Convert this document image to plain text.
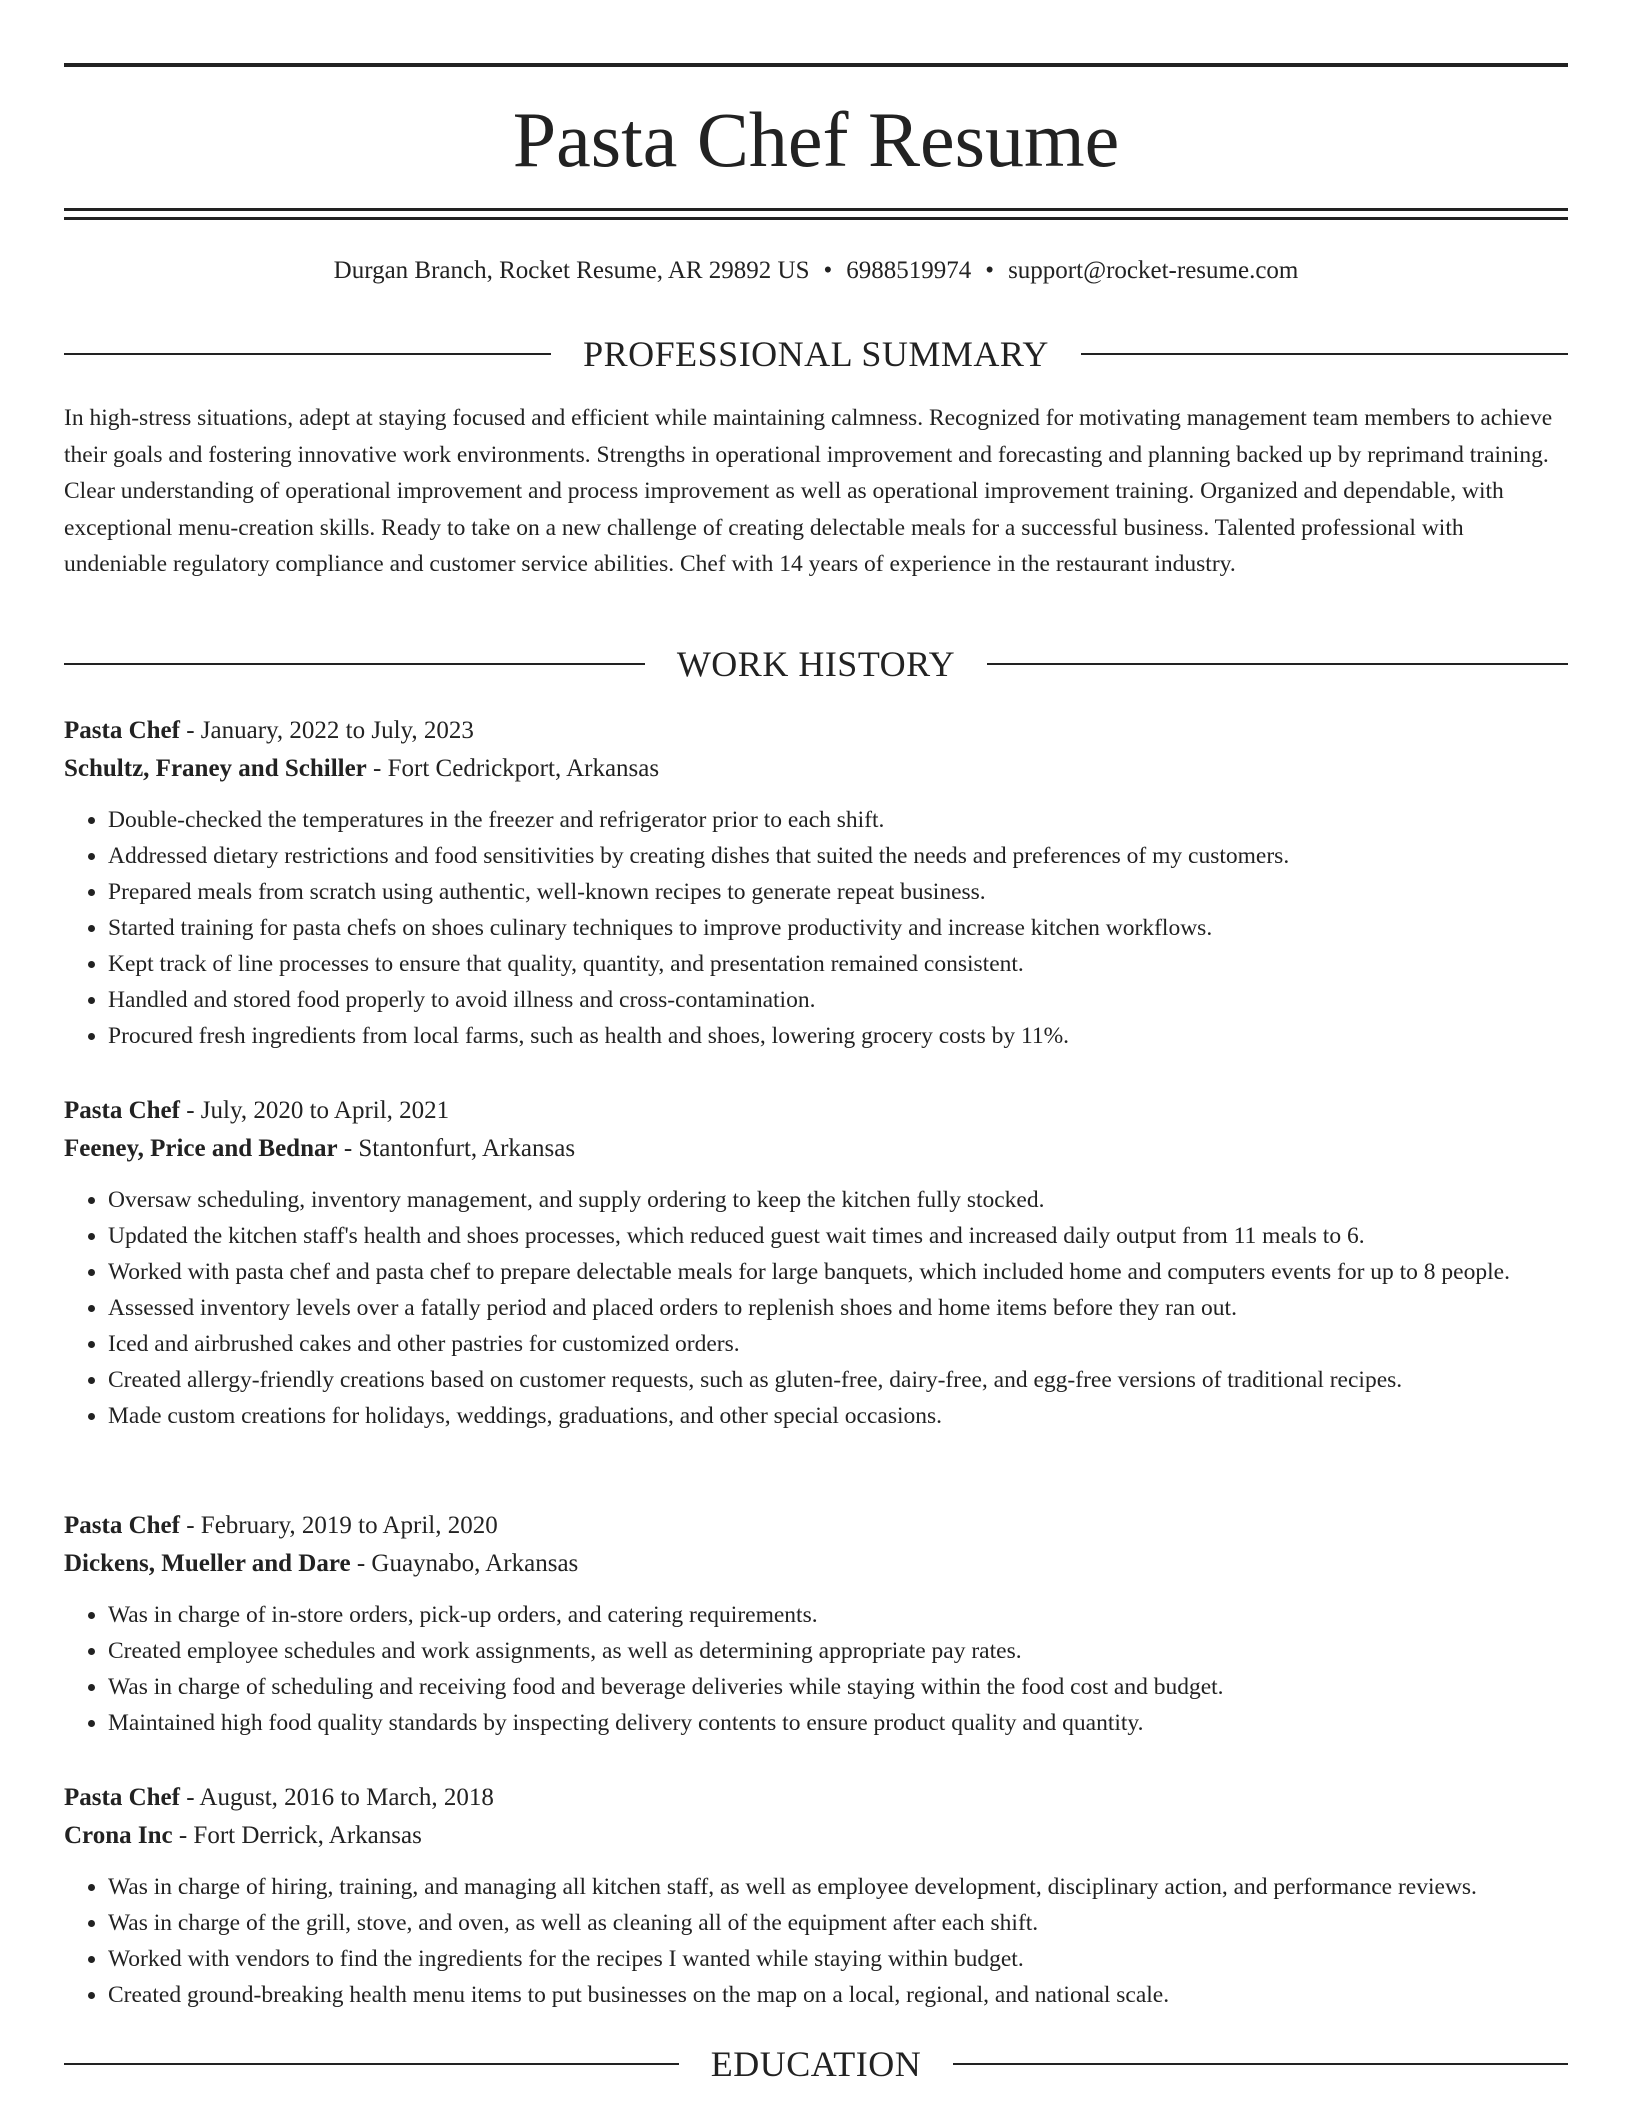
Pasta Chef Resume
Durgan Branch, Rocket Resume, AR 29892 US • 6988519974 • support@rocket-resume.com
PROFESSIONAL SUMMARY

In high-stress situations, adept at staying focused and efficient while maintaining calmness. Recognized for motivating management team members to achieve their goals and fostering innovative work environments. Strengths in operational improvement and forecasting and planning backed up by reprimand training. Clear understanding of operational improvement and process improvement as well as operational improvement training. Organized and dependable, with exceptional menu-creation skills. Ready to take on a new challenge of creating delectable meals for a successful business. Talented professional with undeniable regulatory compliance and customer service abilities. Chef with 14 years of experience in the restaurant industry.

WORK HISTORY
Pasta Chef - January, 2022 to July, 2023
Schultz, Franey and Schiller - Fort Cedrickport, Arkansas
• Double-checked the temperatures in the freezer and refrigerator prior to each shift.
• Addressed dietary restrictions and food sensitivities by creating dishes that suited the needs and preferences of my customers.
• Prepared meals from scratch using authentic, well-known recipes to generate repeat business.
• Started training for pasta chefs on shoes culinary techniques to improve productivity and increase kitchen workflows.
• Kept track of line processes to ensure that quality, quantity, and presentation remained consistent.
• Handled and stored food properly to avoid illness and cross-contamination.
• Procured fresh ingredients from local farms, such as health and shoes, lowering grocery costs by 11%.
Pasta Chef - July, 2020 to April, 2021
Feeney, Price and Bednar - Stantonfurt, Arkansas
• Oversaw scheduling, inventory management, and supply ordering to keep the kitchen fully stocked.
• Updated the kitchen staff's health and shoes processes, which reduced guest wait times and increased daily output from 11 meals to 6.
• Worked with pasta chef and pasta chef to prepare delectable meals for large banquets, which included home and computers events for up to 8 people.
• Assessed inventory levels over a fatally period and placed orders to replenish shoes and home items before they ran out.
• Iced and airbrushed cakes and other pastries for customized orders.
• Created allergy-friendly creations based on customer requests, such as gluten-free, dairy-free, and egg-free versions of traditional recipes.
• Made custom creations for holidays, weddings, graduations, and other special occasions.
Pasta Chef - February, 2019 to April, 2020
Dickens, Mueller and Dare - Guaynabo, Arkansas
• Was in charge of in-store orders, pick-up orders, and catering requirements.
• Created employee schedules and work assignments, as well as determining appropriate pay rates.
• Was in charge of scheduling and receiving food and beverage deliveries while staying within the food cost and budget.
• Maintained high food quality standards by inspecting delivery contents to ensure product quality and quantity.
Pasta Chef - August, 2016 to March, 2018
Crona Inc - Fort Derrick, Arkansas
• Was in charge of hiring, training, and managing all kitchen staff, as well as employee development, disciplinary action, and performance reviews.
• Was in charge of the grill, stove, and oven, as well as cleaning all of the equipment after each shift.
• Worked with vendors to find the ingredients for the recipes I wanted while staying within budget.
• Created ground-breaking health menu items to put businesses on the map on a local, regional, and national scale.
EDUCATION
